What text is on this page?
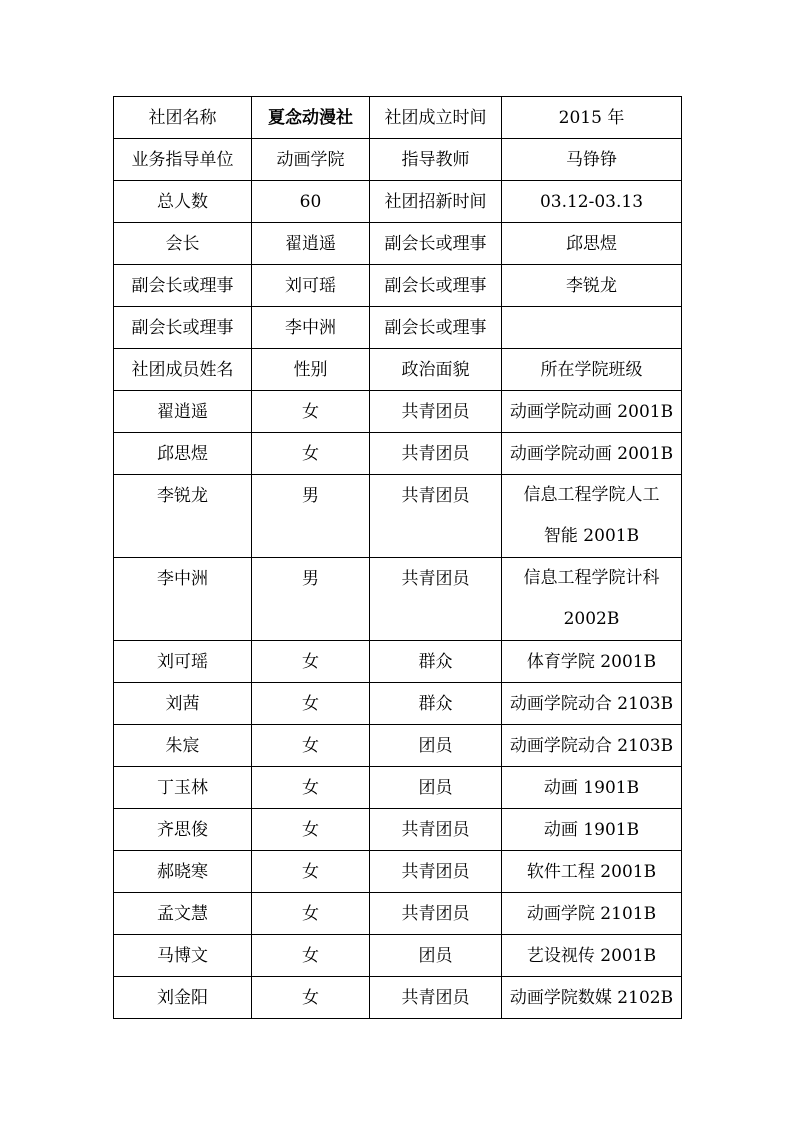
社团名称	夏念动漫社	社团成立时间	2015 年
业务指导单位	动画学院	指导教师	马铮铮
总人数	60	社团招新时间	03.12-03.13
会长	翟逍遥	副会长或理事	邱思煜
副会长或理事	刘可瑶	副会长或理事	李锐龙
副会长或理事	李中洲	副会长或理事	
社团成员姓名	性别	政治面貌	所在学院班级

翟逍遥	女	共青团员	动画学院动画 2001B

邱思煜	女	共青团员	动画学院动画 2001B

李锐龙	男	共青团员	信息工程学院人工
智能 2001B

李中洲	男	共青团员	信息工程学院计科
2002B

刘可瑶	女	群众	体育学院 2001B

刘茜	女	群众	动画学院动合 2103B

朱宸	女	团员	动画学院动合 2103B

丁玉林	女	团员	动画 1901B

齐思俊	女	共青团员	动画 1901B

郝晓寒	女	共青团员	软件工程 2001B

孟文慧	女	共青团员	动画学院 2101B

马博文	女	团员	艺设视传 2001B

刘金阳	女	共青团员	动画学院数媒 2102B
